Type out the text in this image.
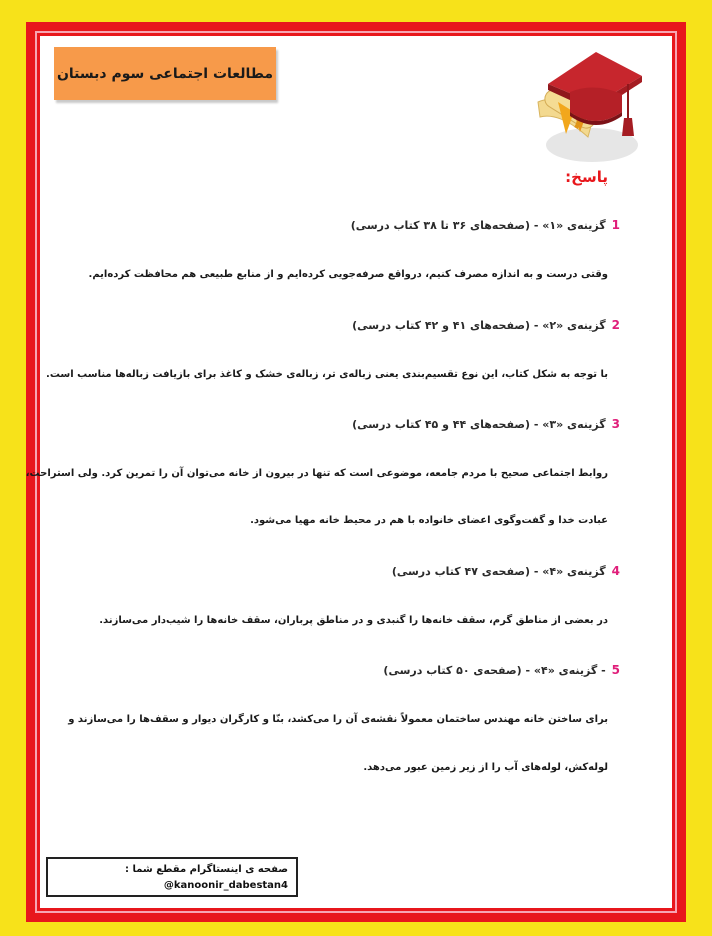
مطالعات اجتماعی سوم دبستان
پاسخ:
1گزینه‌ی «۱» - (صفحه‌های ۳۶ تا ۳۸ کتاب درسی)
وقتی درست و به اندازه مصرف کنیم، درواقع صرفه‌جویی کرده‌ایم و از منابع طبیعی هم محافظت کرده‌ایم.
2گزینه‌ی «۲» - (صفحه‌های ۴۱ و ۴۲ کتاب درسی)
با توجه به شکل کتاب، این نوع تقسیم‌بندی یعنی زباله‌ی تر، زباله‌ی خشک و کاغذ برای بازیافت زباله‌ها مناسب است.
3گزینه‌ی «۳» - (صفحه‌های ۴۴ و ۴۵ کتاب درسی)
روابط اجتماعی صحیح با مردم جامعه، موضوعی است که تنها در بیرون از خانه می‌توان آن را تمرین کرد. ولی استراحت،
عبادت خدا و گفت‌وگوی اعضای خانواده با هم در محیط خانه مهیا می‌شود.
4گزینه‌ی «۴» - (صفحه‌ی ۴۷ کتاب درسی)
در بعضی از مناطق گرم، سقف خانه‌ها را گنبدی و در مناطق پرباران، سقف خانه‌ها را شیب‌دار می‌سازند.
5- گزینه‌ی «۴» - (صفحه‌ی ۵۰ کتاب درسی)
برای ساختن خانه مهندس ساختمان معمولاً نقشه‌ی آن را می‌کشد، بنّا و کارگران دیوار و سقف‌ها را می‌سازند و
لوله‌کش، لوله‌های آب را از زیر زمین عبور می‌دهد.
صفحه ی اینستاگرام مقطع شما :
@kanoonir_dabestan4
